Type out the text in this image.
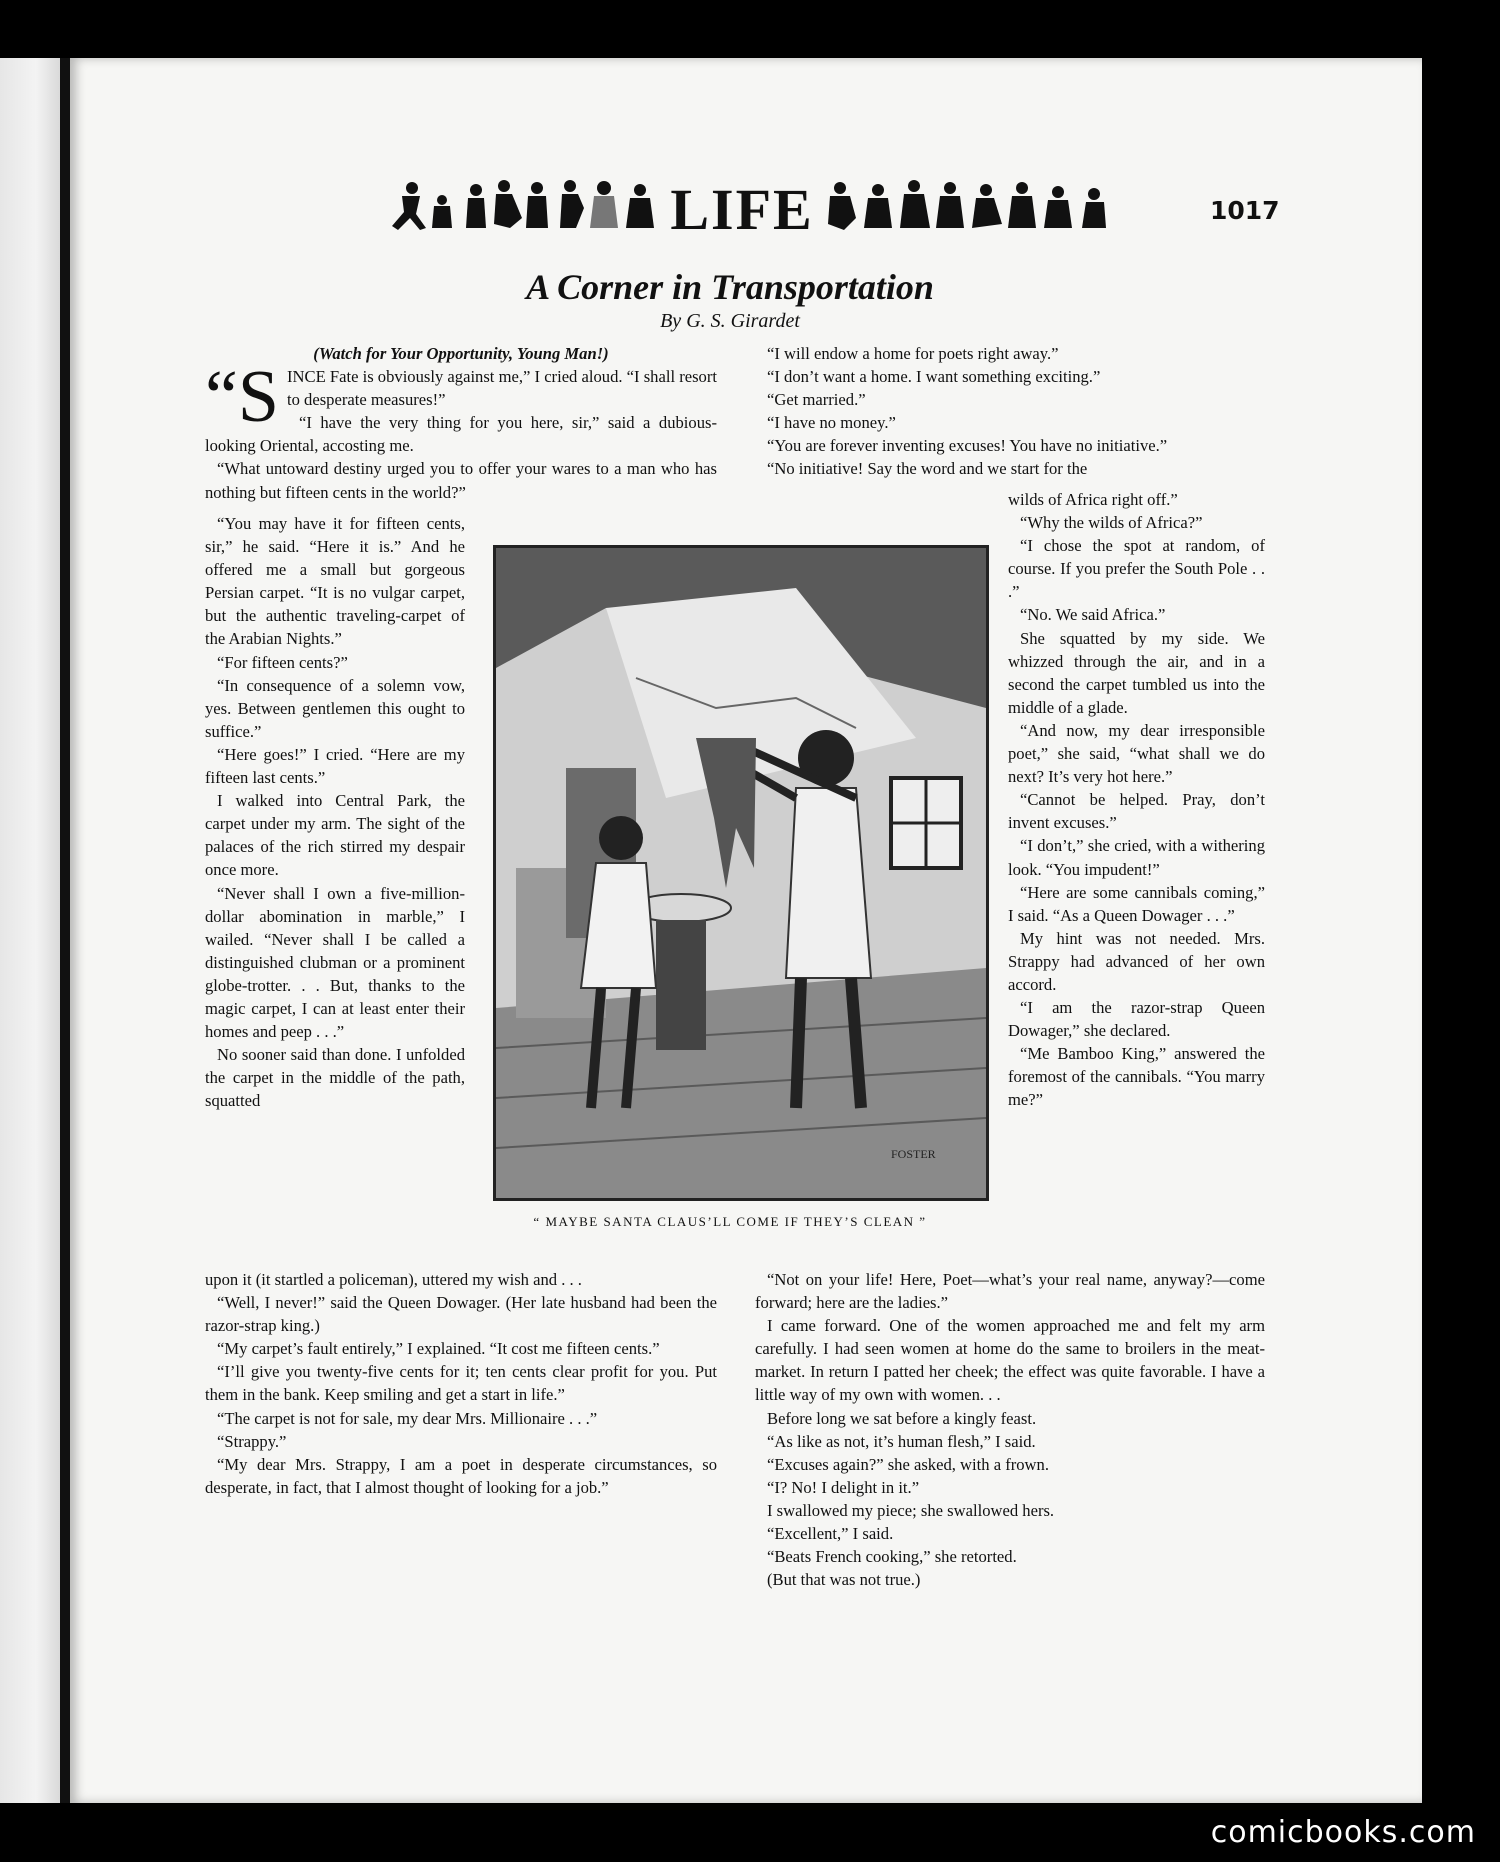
LIFE	1017
A Corner in Transportation
By G. S. Girardet

(Watch for Your Opportunity, Young Man!)

“SINCE Fate is obviously against me,” I cried aloud. “I shall resort to desperate measures!”

“I have the very thing for you here, sir,” said a dubious-looking Oriental, accosting me.

“What untoward destiny urged you to offer your wares to a man who has nothing but fifteen cents in the world?”

“You may have it for fifteen cents, sir,” he said. “Here it is.” And he offered me a small but gorgeous Persian carpet. “It is no vulgar carpet, but the authentic traveling-carpet of the Arabian Nights.”

“For fifteen cents?”

“In consequence of a solemn vow, yes. Between gentlemen this ought to suffice.”

“Here goes!” I cried. “Here are my fifteen last cents.”

I walked into Central Park, the carpet under my arm. The sight of the palaces of the rich stirred my despair once more.

“Never shall I own a five-million-dollar abomination in marble,” I wailed. “Never shall I be called a distinguished clubman or a prominent globe-trotter. . . But, thanks to the magic carpet, I can at least enter their homes and peep . . .”

No sooner said than done. I unfolded the carpet in the middle of the path, squatted

FOSTER
“ MAYBE SANTA CLAUS’LL COME IF THEY’S CLEAN ”

upon it (it startled a policeman), uttered my wish and . . .

“Well, I never!” said the Queen Dowager. (Her late husband had been the razor-strap king.)

“My carpet’s fault entirely,” I explained. “It cost me fifteen cents.”

“I’ll give you twenty-five cents for it; ten cents clear profit for you. Put them in the bank. Keep smiling and get a start in life.”

“The carpet is not for sale, my dear Mrs. Millionaire . . .”

“Strappy.”

“My dear Mrs. Strappy, I am a poet in desperate circumstances, so desperate, in fact, that I almost thought of looking for a job.”

“I will endow a home for poets right away.”

“I don’t want a home. I want something exciting.”

“Get married.”

“I have no money.”

“You are forever inventing excuses! You have no initiative.”

“No initiative! Say the word and we start for the

wilds of Africa right off.”

“Why the wilds of Africa?”

“I chose the spot at random, of course. If you prefer the South Pole . . .”

“No. We said Africa.”

She squatted by my side. We whizzed through the air, and in a second the carpet tumbled us into the middle of a glade.

“And now, my dear irresponsible poet,” she said, “what shall we do next? It’s very hot here.”

“Cannot be helped. Pray, don’t invent excuses.”

“I don’t,” she cried, with a withering look. “You impudent!”

“Here are some cannibals coming,” I said. “As a Queen Dowager . . .”

My hint was not needed. Mrs. Strappy had advanced of her own accord.

“I am the razor-strap Queen Dowager,” she declared.

“Me Bamboo King,” answered the foremost of the cannibals. “You marry me?”

“Not on your life! Here, Poet—what’s your real name, anyway?—come forward; here are the ladies.”

I came forward. One of the women approached me and felt my arm carefully. I had seen women at home do the same to broilers in the meat-market. In return I patted her cheek; the effect was quite favorable. I have a little way of my own with women. . .

Before long we sat before a kingly feast.

“As like as not, it’s human flesh,” I said.

“Excuses again?” she asked, with a frown.

“I? No! I delight in it.”

I swallowed my piece; she swallowed hers.

“Excellent,” I said.

“Beats French cooking,” she retorted.

(But that was not true.)

comicbooks.com
